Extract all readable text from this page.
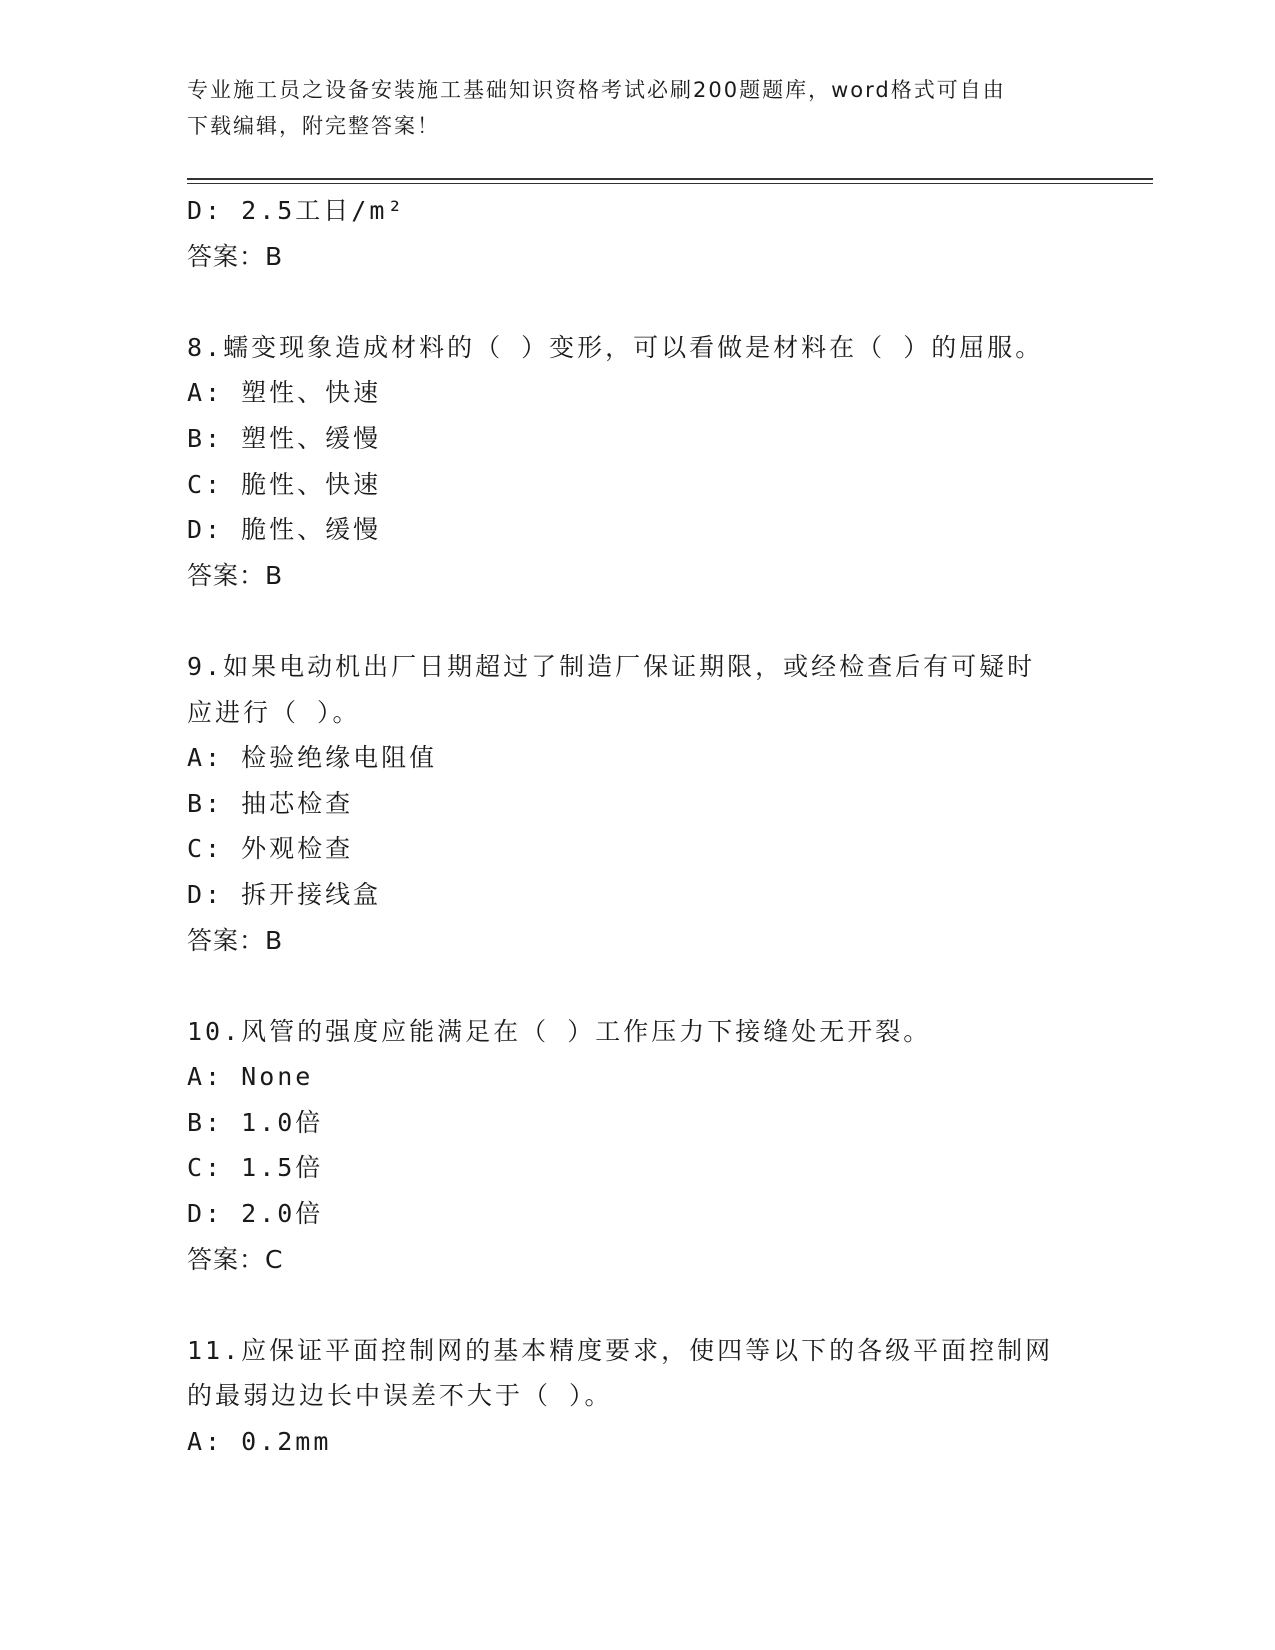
专业施工员之设备安装施工基础知识资格考试必刷200题题库，word格式可自由
下载编辑，附完整答案！
D: 2.5工日/m²
答案：B
8.蠕变现象造成材料的（ ）变形，可以看做是材料在（ ）的屈服。
A: 塑性、快速
B: 塑性、缓慢
C: 脆性、快速
D: 脆性、缓慢
答案：B
9.如果电动机出厂日期超过了制造厂保证期限，或经检查后有可疑时
应进行（ ）。
A: 检验绝缘电阻值
B: 抽芯检查
C: 外观检查
D: 拆开接线盒
答案：B
10.风管的强度应能满足在（ ）工作压力下接缝处无开裂。
A: None
B: 1.0倍
C: 1.5倍
D: 2.0倍
答案：C
11.应保证平面控制网的基本精度要求，使四等以下的各级平面控制网
的最弱边边长中误差不大于（ ）。
A: 0.2mm
